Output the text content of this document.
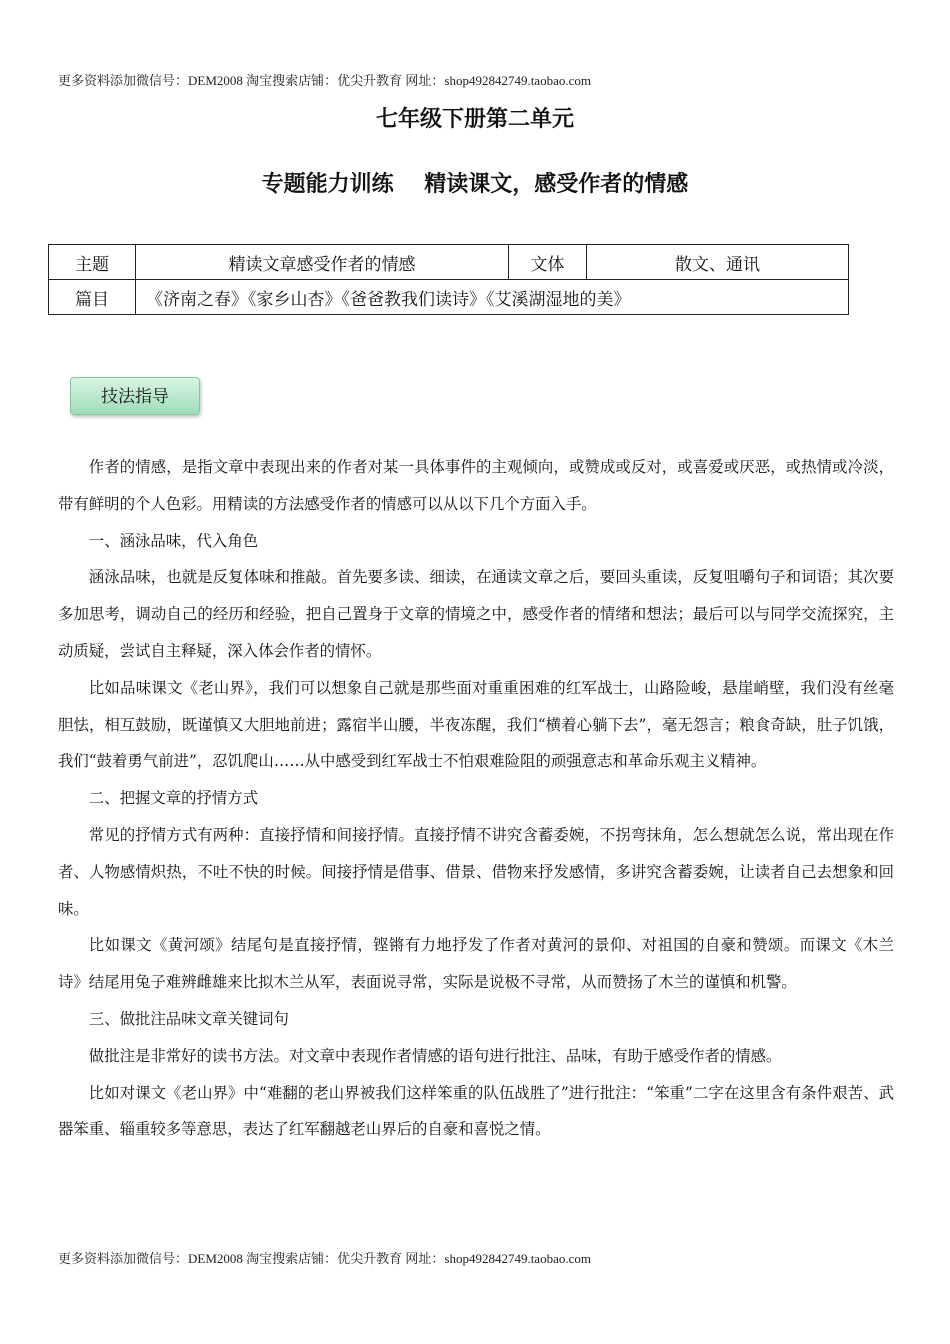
更多资料添加微信号：DEM2008 淘宝搜索店铺：优尖升教育 网址：shop492842749.taobao.com
七年级下册第二单元
专题能力训练    精读课文，感受作者的情感
主题	精读文章感受作者的情感	文体	散文、通讯
篇目	《济南之春》《家乡山杏》《爸爸教我们读诗》《艾溪湖湿地的美》		
技法指导

作者的情感，是指文章中表现出来的作者对某一具体事件的主观倾向，或赞成或反对，或喜爱或厌恶，或热情或冷淡，带有鲜明的个人色彩。用精读的方法感受作者的情感可以从以下几个方面入手。

一、涵泳品味，代入角色

涵泳品味，也就是反复体味和推敲。首先要多读、细读，在通读文章之后，要回头重读，反复咀嚼句子和词语；其次要多加思考，调动自己的经历和经验，把自己置身于文章的情境之中，感受作者的情绪和想法；最后可以与同学交流探究，主动质疑，尝试自主释疑，深入体会作者的情怀。

比如品味课文《老山界》，我们可以想象自己就是那些面对重重困难的红军战士，山路险峻，悬崖峭壁，我们没有丝毫胆怯，相互鼓励，既谨慎又大胆地前进；露宿半山腰，半夜冻醒，我们“横着心躺下去”，毫无怨言；粮食奇缺，肚子饥饿，我们“鼓着勇气前进”，忍饥爬山……从中感受到红军战士不怕艰难险阻的顽强意志和革命乐观主义精神。

二、把握文章的抒情方式

常见的抒情方式有两种：直接抒情和间接抒情。直接抒情不讲究含蓄委婉，不拐弯抹角，怎么想就怎么说，常出现在作者、人物感情炽热，不吐不快的时候。间接抒情是借事、借景、借物来抒发感情，多讲究含蓄委婉，让读者自己去想象和回味。

比如课文《黄河颂》结尾句是直接抒情，铿锵有力地抒发了作者对黄河的景仰、对祖国的自豪和赞颂。而课文《木兰诗》结尾用兔子难辨雌雄来比拟木兰从军，表面说寻常，实际是说极不寻常，从而赞扬了木兰的谨慎和机警。

三、做批注品味文章关键词句

做批注是非常好的读书方法。对文章中表现作者情感的语句进行批注、品味，有助于感受作者的情感。

比如对课文《老山界》中“难翻的老山界被我们这样笨重的队伍战胜了”进行批注：“笨重”二字在这里含有条件艰苦、武器笨重、辎重较多等意思，表达了红军翻越老山界后的自豪和喜悦之情。

更多资料添加微信号：DEM2008 淘宝搜索店铺：优尖升教育 网址：shop492842749.taobao.com
